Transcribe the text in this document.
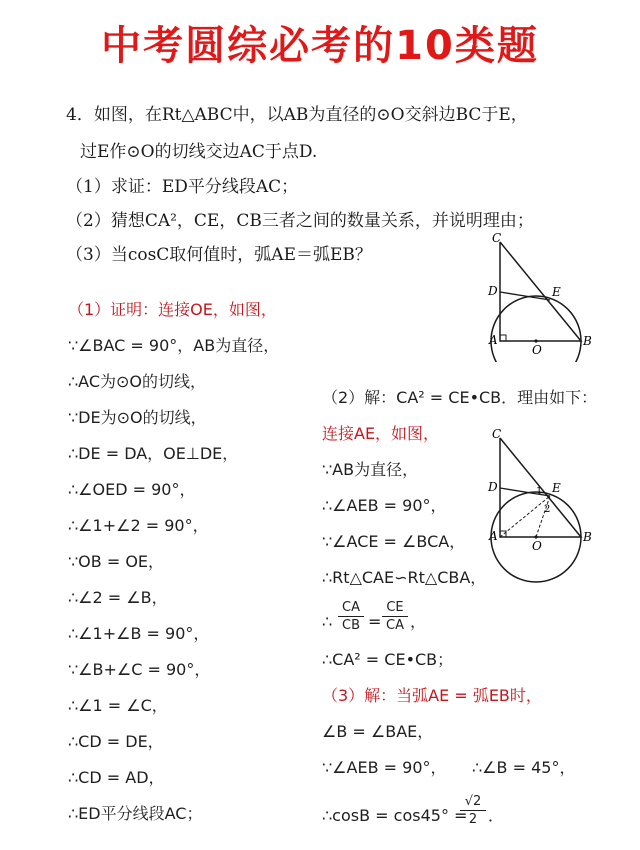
中考圆综必考的10类题
4．如图，在Rt△ABC中，以AB为直径的⊙O交斜边BC于E，
过E作⊙O的切线交边AC于点D.
（1）求证：ED平分线段AC；
（2）猜想CA²，CE，CB三者之间的数量关系，并说明理由；
（3）当cosC取何值时，弧AE＝弧EB？
（1）证明：连接OE，如图，
∵∠BAC = 90°，AB为直径，
∴AC为⊙O的切线，
∵DE为⊙O的切线，
∴DE = DA，OE⊥DE，
∴∠OED = 90°，
∴∠1+∠2 = 90°，
∵OB = OE，
∴∠2 = ∠B，
∴∠1+∠B = 90°，
∵∠B+∠C = 90°，
∴∠1 = ∠C，
∴CD = DE，
∴CD = AD，
∴ED平分线段AC；
（2）解：CA² = CE•CB．理由如下：
连接AE，如图，
∵AB为直径，
∴∠AEB = 90°，
∵∠ACE = ∠BCA，
∴Rt△CAE∽Rt△CBA，
∴
CA
CB =
CE
CA ，
∴CA² = CE•CB；
（3）解：当弧AE = 弧EB时，
∠B = ∠BAE，
∵∠AEB = 90°， ∴∠B = 45°，
∴cosB = cos45° =
√2
2 ．
C
D	E
A
O
B
C
D	E
A
O
B
1
2
